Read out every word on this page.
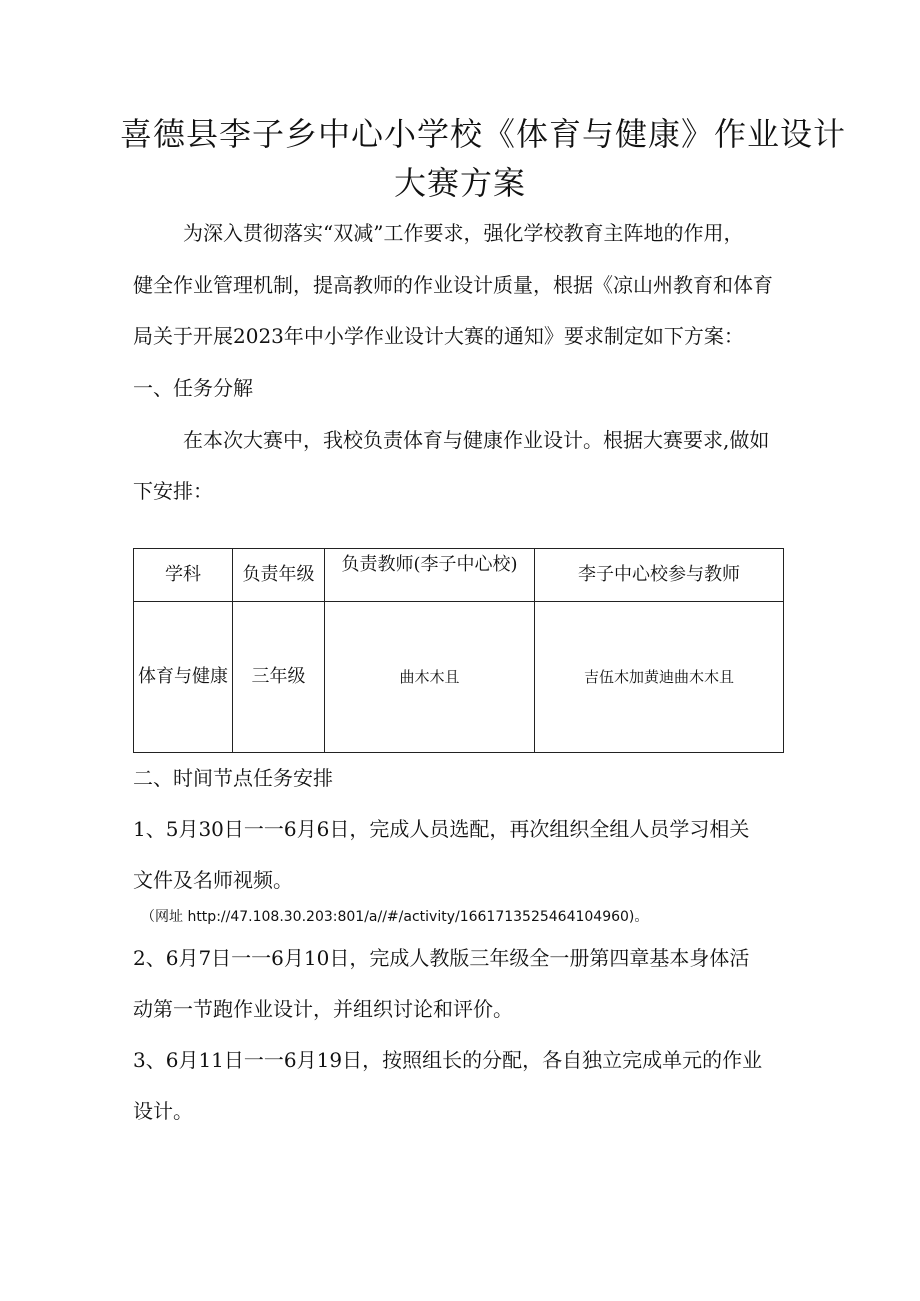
喜德县李子乡中心小学校《体育与健康》作业设计
大赛方案

为深入贯彻落实“双减”工作要求，强化学校教育主阵地的作用，

健全作业管理机制，提高教师的作业设计质量，根据《凉山州教育和体育

局关于开展2023年中小学作业设计大赛的通知》要求制定如下方案：

一、任务分解

在本次大赛中，我校负责体育与健康作业设计。根据大赛要求,做如

下安排：

学科	负责年级	负责教师(李子中心校)	李子中心校参与教师
体育与健康	三年级	曲木木且	吉伍木加黄迪曲木木且

二、时间节点任务安排

1、5月30日一一6月6日，完成人员选配，再次组织全组人员学习相关

文件及名师视频。

（网址 http://47.108.30.203:801/a//#/activity/1661713525464104960)。

2、6月7日一一6月10日，完成人教版三年级全一册第四章基本身体活

动第一节跑作业设计，并组织讨论和评价。

3、6月11日一一6月19日，按照组长的分配，各自独立完成单元的作业

设计。
